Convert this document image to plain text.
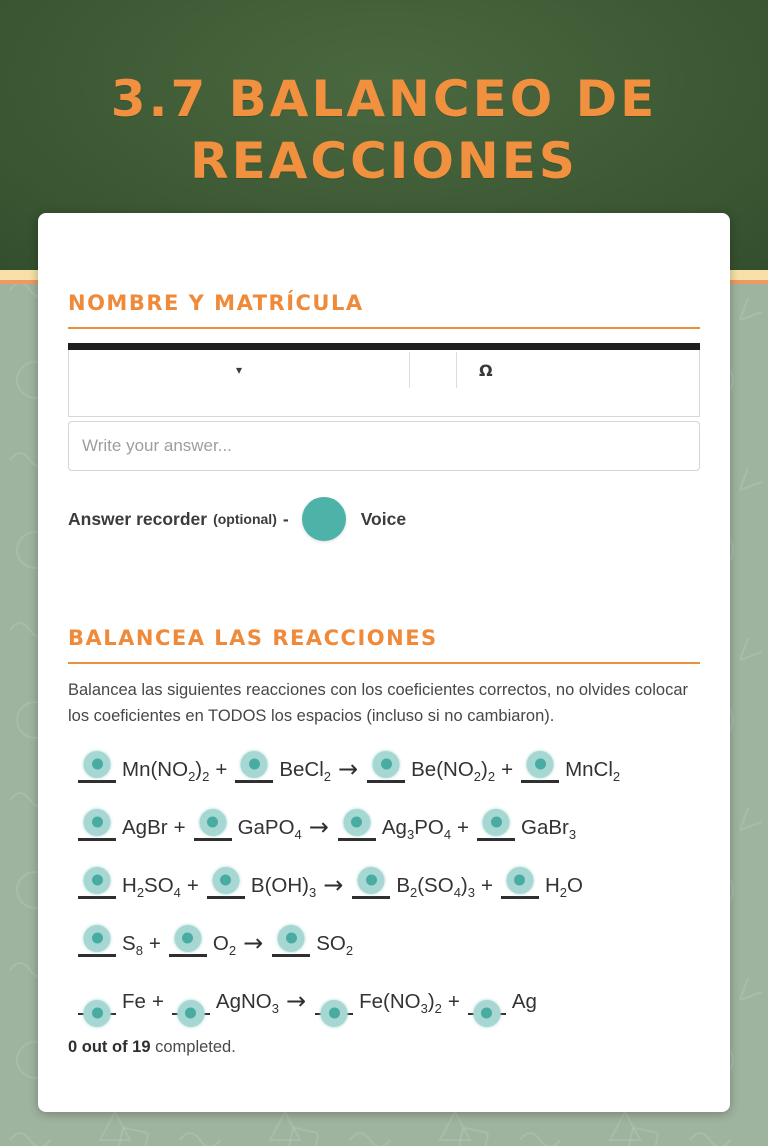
3.7 BALANCEO DE
REACCIONES
NOMBRE Y MATRÍCULA
▾	Ω
Write your answer...
Answer recorder (optional) -	Voice
BALANCEA LAS REACCIONES
Balancea las siguientes reacciones con los coeficientes correctos, no olvides colocar los coeficientes en TODOS los espacios (incluso si no cambiaron).
$Mn(NO_2)_2$ +	BeCl$_2$ →	$Be(NO_2)_2$ +	MnCl$_2$
AgBr +	GaPO$_4$ →	$Ag_3PO_4$ +	GaBr$_3$
$H_2SO_4$ +	$B(OH)_3$ →	$B_2(SO_4)_3$ +	$H_2O$
$S_8$ +	$O_2$ →	$SO_2$
Fe +	AgNO$_3$ →	$Fe(NO_3)_2$ +	Ag
0 out of 19 completed.
